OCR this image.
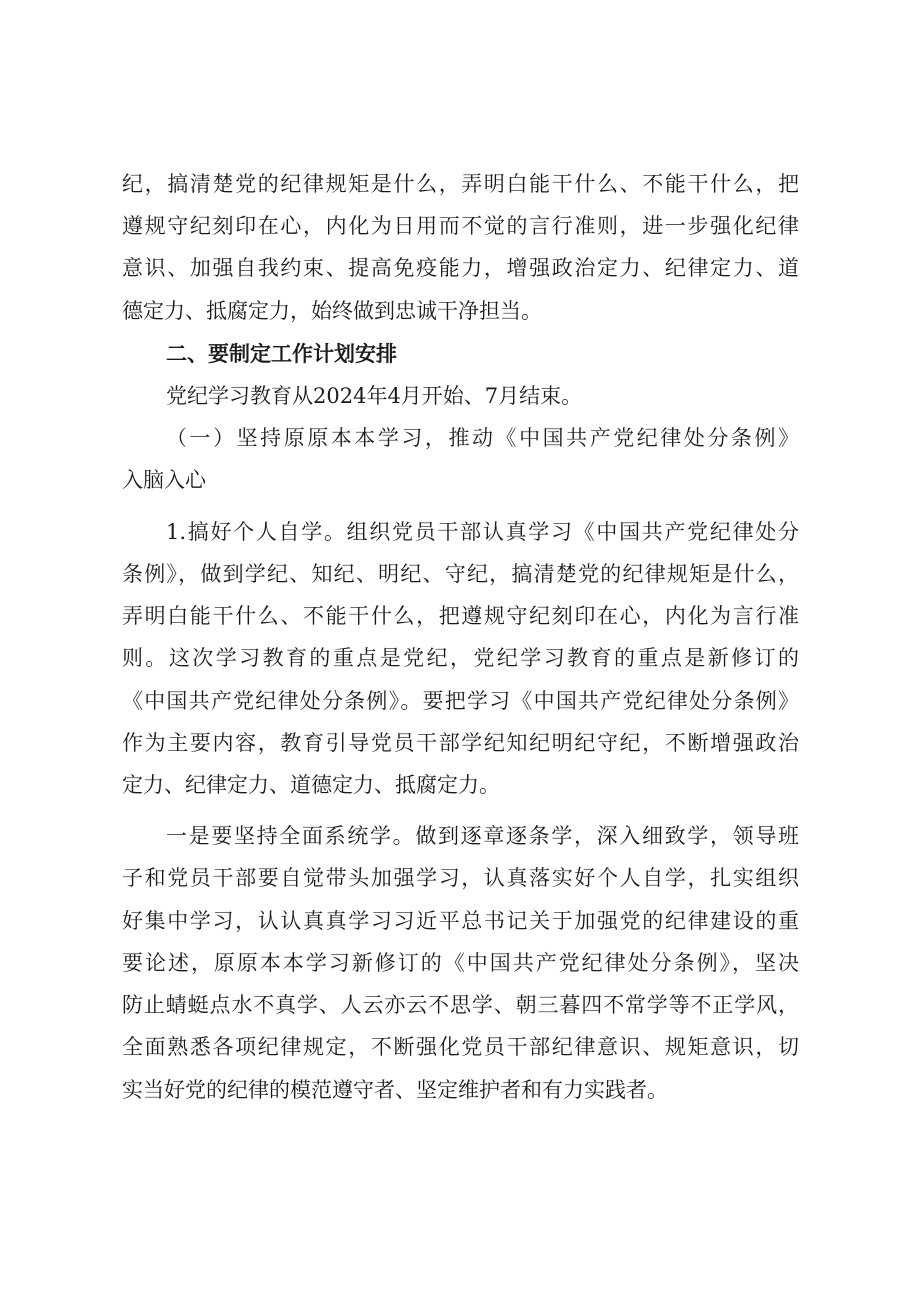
纪，搞清楚党的纪律规矩是什么，弄明白能干什么、不能干什么，把
遵规守纪刻印在心，内化为日用而不觉的言行准则，进一步强化纪律
意识、加强自我约束、提高免疫能力，增强政治定力、纪律定力、道
德定力、抵腐定力，始终做到忠诚干净担当。
二、要制定工作计划安排
党纪学习教育从2024年4月开始、7月结束。
（一）坚持原原本本学习，推动《中国共产党纪律处分条例》
入脑入心
1.搞好个人自学。组织党员干部认真学习《中国共产党纪律处分
条例》，做到学纪、知纪、明纪、守纪，搞清楚党的纪律规矩是什么，
弄明白能干什么、不能干什么，把遵规守纪刻印在心，内化为言行准
则。这次学习教育的重点是党纪，党纪学习教育的重点是新修订的
《中国共产党纪律处分条例》。要把学习《中国共产党纪律处分条例》
作为主要内容，教育引导党员干部学纪知纪明纪守纪，不断增强政治
定力、纪律定力、道德定力、抵腐定力。
一是要坚持全面系统学。做到逐章逐条学，深入细致学，领导班
子和党员干部要自觉带头加强学习，认真落实好个人自学，扎实组织
好集中学习，认认真真学习习近平总书记关于加强党的纪律建设的重
要论述，原原本本学习新修订的《中国共产党纪律处分条例》，坚决
防止蜻蜓点水不真学、人云亦云不思学、朝三暮四不常学等不正学风，
全面熟悉各项纪律规定，不断强化党员干部纪律意识、规矩意识，切
实当好党的纪律的模范遵守者、坚定维护者和有力实践者。
